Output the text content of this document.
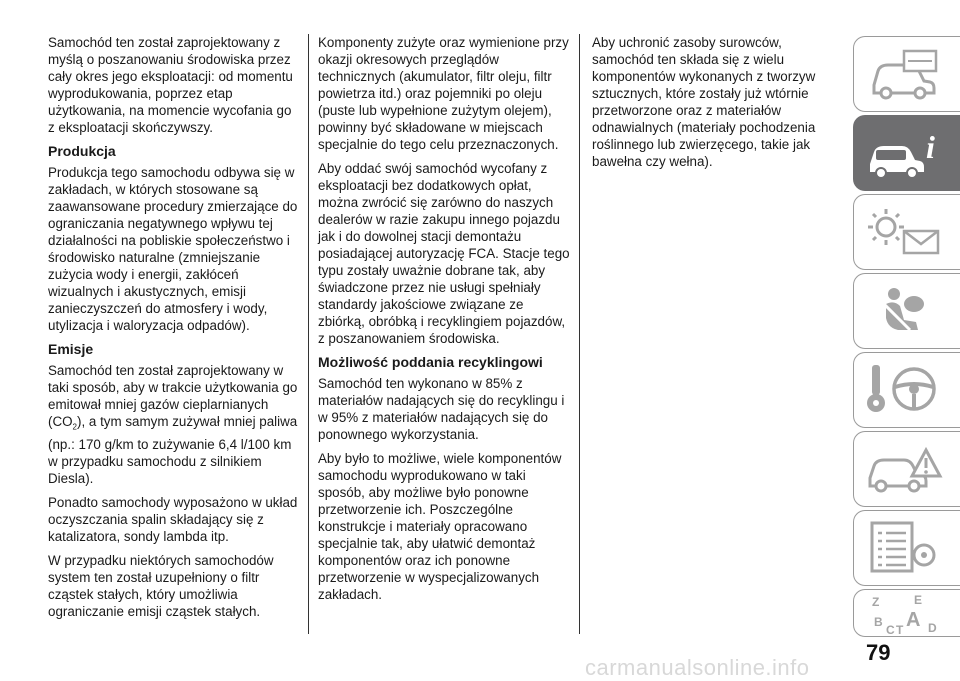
Samochód ten został zaprojektowany z myślą o poszanowaniu środowiska przez cały okres jego eksploatacji: od momentu wyprodukowania, poprzez etap użytkowania, na momencie wycofania go z eksploatacji skończywszy.

Produkcja

Produkcja tego samochodu odbywa się w zakładach, w których stosowane są zaawansowane procedury zmierzające do ograniczania negatywnego wpływu tej działalności na pobliskie społeczeństwo i środowisko naturalne (zmniejszanie zużycia wody i energii, zakłóceń wizualnych i akustycznych, emisji zanieczyszczeń do atmosfery i wody, utylizacja i waloryzacja odpadów).

Emisje

Samochód ten został zaprojektowany w taki sposób, aby w trakcie użytkowania go emitował mniej gazów cieplarnianych $(CO_2)$, a tym samym zużywał mniej paliwa (np.: 170 g/km to zużywanie 6,4 l/100 km w przypadku samochodu z silnikiem Diesla).

Ponadto samochody wyposażono w układ oczyszczania spalin składający się z katalizatora, sondy lambda itp.

W przypadku niektórych samochodów system ten został uzupełniony o filtr cząstek stałych, który umożliwia ograniczanie emisji cząstek stałych.

Komponenty zużyte oraz wymienione przy okazji okresowych przeglądów technicznych (akumulator, filtr oleju, filtr powietrza itd.) oraz pojemniki po oleju (puste lub wypełnione zużytym olejem), powinny być składowane w miejscach specjalnie do tego celu przeznaczonych.

Aby oddać swój samochód wycofany z eksploatacji bez dodatkowych opłat, można zwrócić się zarówno do naszych dealerów w razie zakupu innego pojazdu jak i do dowolnej stacji demontażu posiadającej autoryzację FCA. Stacje tego typu zostały uważnie dobrane tak, aby świadczone przez nie usługi spełniały standardy jakościowe związane ze zbiórką, obróbką i recyklingiem pojazdów, z poszanowaniem środowiska.

Możliwość poddania recyklingowi

Samochód ten wykonano w 85% z materiałów nadających się do recyklingu i w 95% z materiałów nadających się do ponownego wykorzystania.

Aby było to możliwe, wiele komponentów samochodu wyprodukowano w taki sposób, aby możliwe było ponowne przetworzenie ich. Poszczególne konstrukcje i materiały opracowano specjalnie tak, aby ułatwić demontaż komponentów oraz ich ponowne przetworzenie w wyspecjalizowanych zakładach.

Aby uchronić zasoby surowców, samochód ten składa się z wielu komponentów wykonanych z tworzyw sztucznych, które zostały już wtórnie przetworzone oraz z materiałów odnawialnych (materiały pochodzenia roślinnego lub zwierzęcego, takie jak bawełna czy wełna).	i
Z	E
A
B
C T D
79
carmanualsonline.info
